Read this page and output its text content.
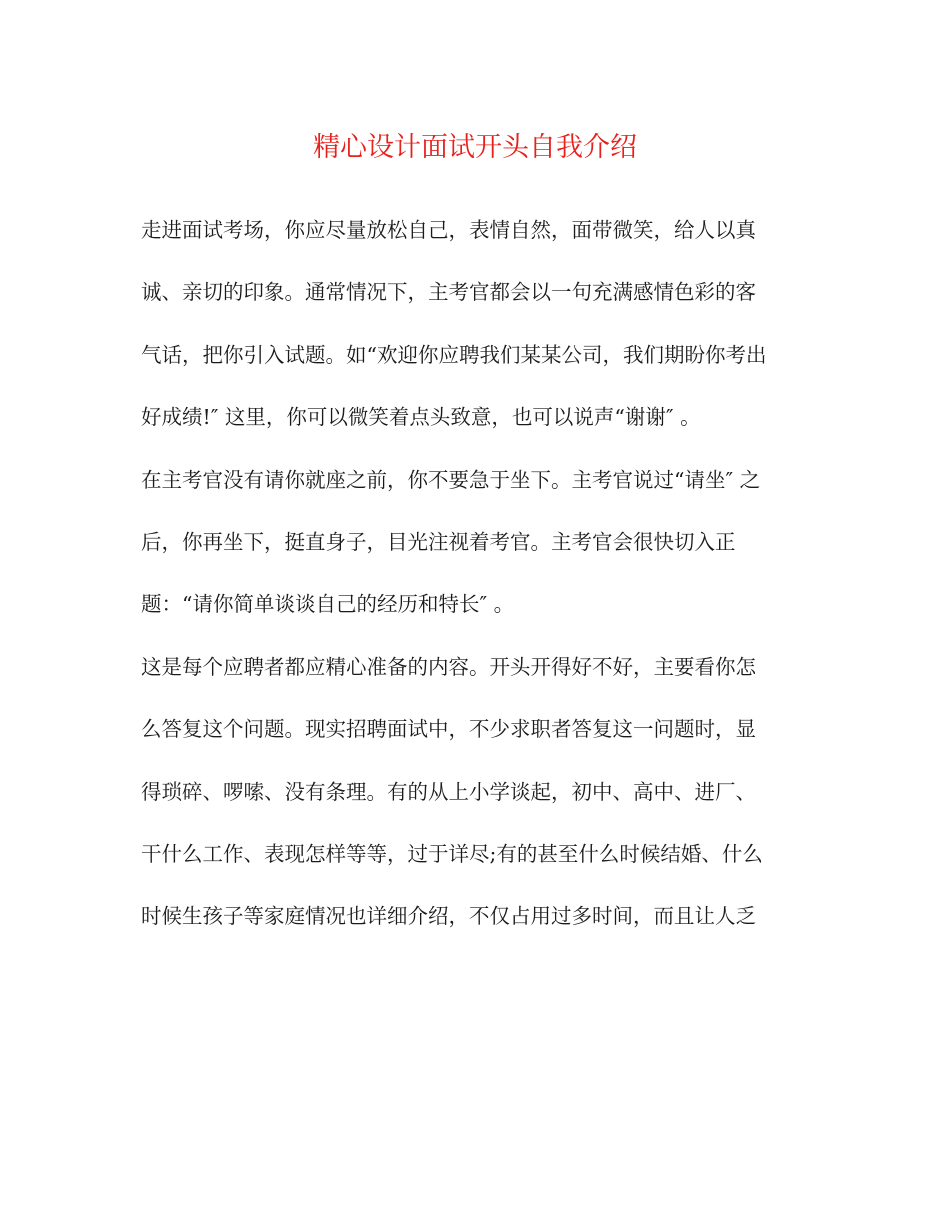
精心设计面试开头自我介绍
走进面试考场，你应尽量放松自己，表情自然，面带微笑，给人以真
诚、亲切的印象。通常情况下，主考官都会以一句充满感情色彩的客
气话，把你引入试题。如“欢迎你应聘我们某某公司，我们期盼你考出
好成绩!″ 这里，你可以微笑着点头致意，也可以说声“谢谢″ 。
在主考官没有请你就座之前，你不要急于坐下。主考官说过“请坐″ 之
后，你再坐下，挺直身子，目光注视着考官。主考官会很快切入正
题：“请你简单谈谈自己的经历和特长″ 。
这是每个应聘者都应精心准备的内容。开头开得好不好，主要看你怎
么答复这个问题。现实招聘面试中，不少求职者答复这一问题时，显
得琐碎、啰嗦、没有条理。有的从上小学谈起，初中、高中、进厂、
干什么工作、表现怎样等等，过于详尽;有的甚至什么时候结婚、什么
时候生孩子等家庭情况也详细介绍，不仅占用过多时间，而且让人乏
